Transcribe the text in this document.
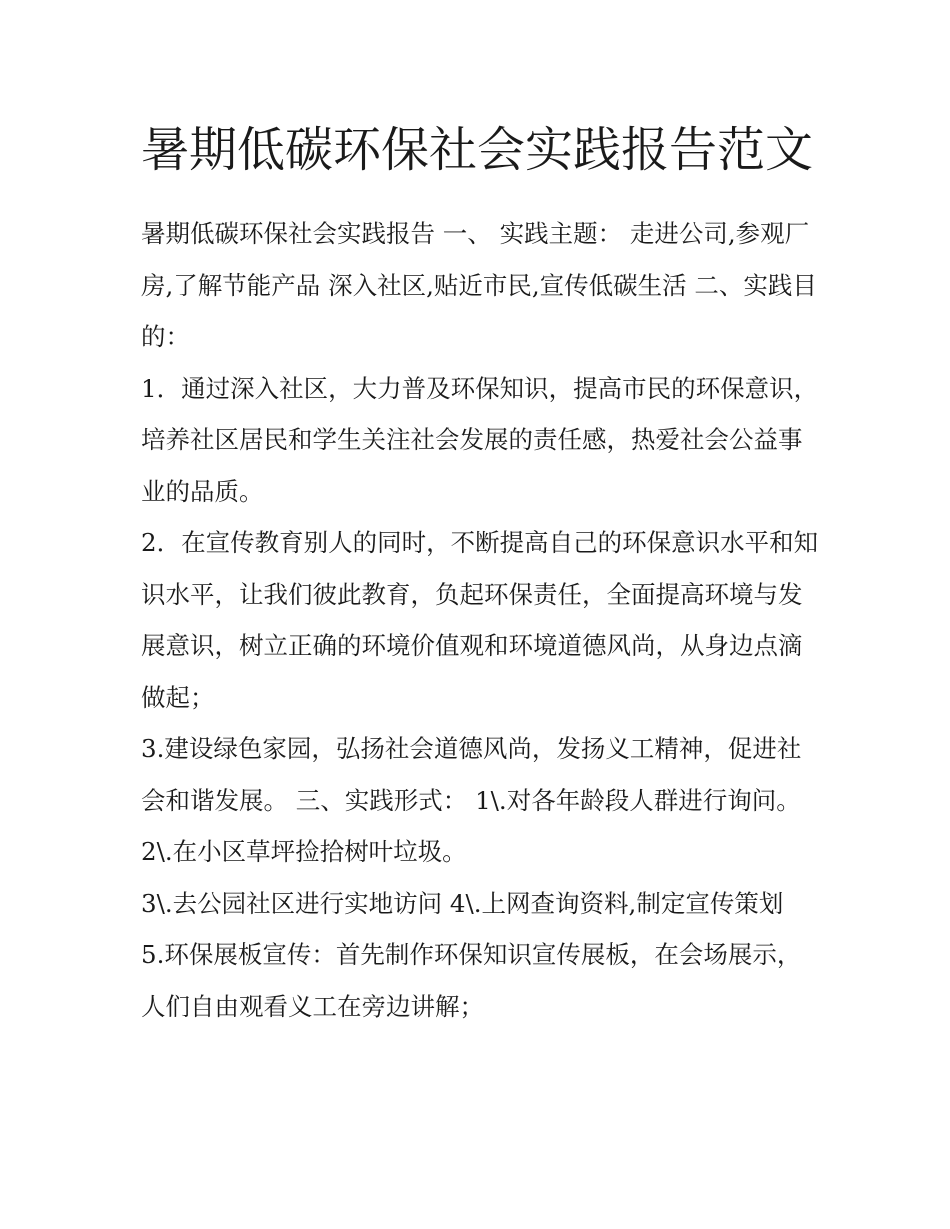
暑期低碳环保社会实践报告范文

暑期低碳环保社会实践报告 一、 实践主题： 走进公司,参观厂房,了解节能产品 深入社区,贴近市民,宣传低碳生活 二、实践目的：

1．通过深入社区，大力普及环保知识，提高市民的环保意识，培养社区居民和学生关注社会发展的责任感，热爱社会公益事业的品质。

2．在宣传教育别人的同时，不断提高自己的环保意识水平和知识水平，让我们彼此教育，负起环保责任，全面提高环境与发展意识，树立正确的环境价值观和环境道德风尚，从身边点滴做起；

3.建设绿色家园，弘扬社会道德风尚，发扬义工精神，促进社会和谐发展。 三、实践形式： 1\.对各年龄段人群进行询问。

2\.在小区草坪捡拾树叶垃圾。

3\.去公园社区进行实地访问 4\.上网查询资料,制定宣传策划

5.环保展板宣传：首先制作环保知识宣传展板，在会场展示，人们自由观看义工在旁边讲解；
